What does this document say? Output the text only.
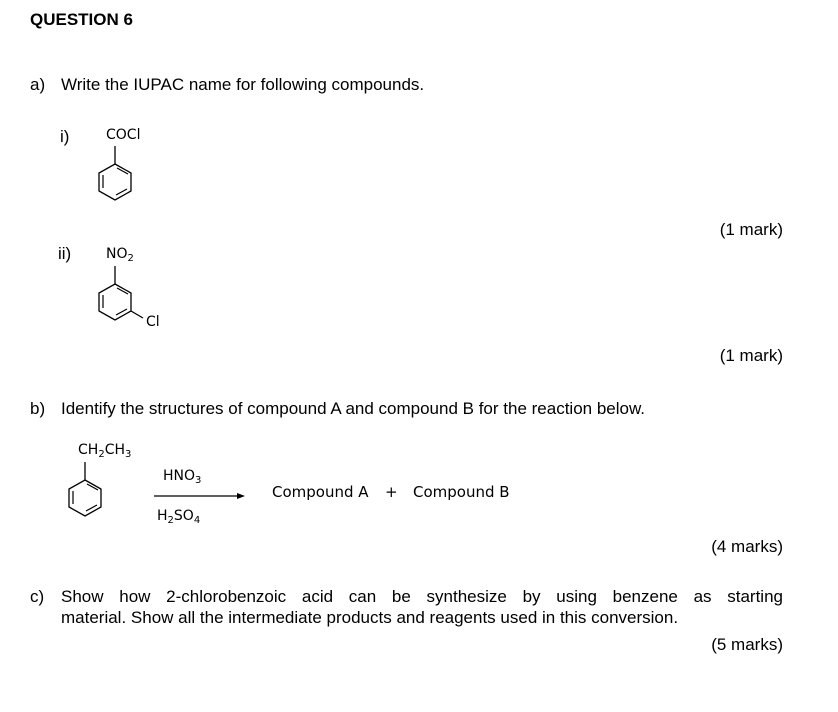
QUESTION 6
a) Write the IUPAC name for following compounds.
i)	COCl
(1 mark)
ii) $NO_2$
Cl
(1 mark)
b) Identify the structures of compound A and compound B for the reaction below.
$CH_2CH_3$
$HNO_3$
$H_2SO_4$
Compound A + Compound B
(4 marks)
c) Show how 2-chlorobenzoic acid can be synthesize by using benzene as starting
material. Show all the intermediate products and reagents used in this conversion.
(5 marks)
